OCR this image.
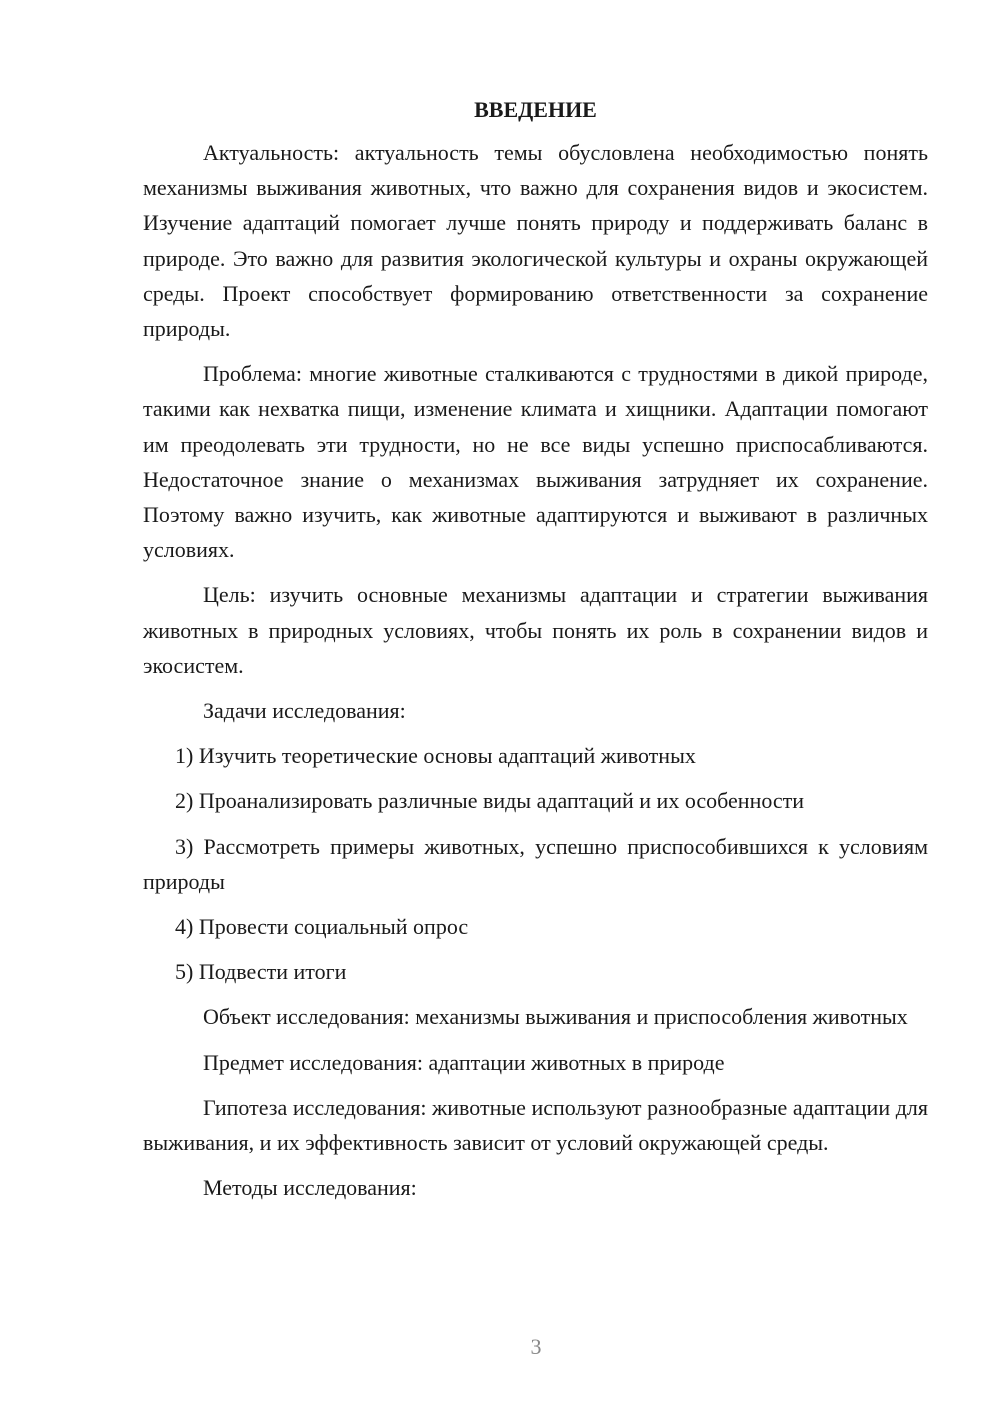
ВВЕДЕНИЕ

Актуальность: актуальность темы обусловлена необходимостью понять механизмы выживания животных, что важно для сохранения видов и экосистем. Изучение адаптаций помогает лучше понять природу и поддерживать баланс в природе. Это важно для развития экологической культуры и охраны окружающей среды. Проект способствует формированию ответственности за сохранение природы.

Проблема: многие животные сталкиваются с трудностями в дикой природе, такими как нехватка пищи, изменение климата и хищники. Адаптации помогают им преодолевать эти трудности, но не все виды успешно приспосабливаются. Недостаточное знание о механизмах выживания затрудняет их сохранение. Поэтому важно изучить, как животные адаптируются и выживают в различных условиях.

Цель: изучить основные механизмы адаптации и стратегии выживания животных в природных условиях, чтобы понять их роль в сохранении видов и экосистем.

Задачи исследования:

1) Изучить теоретические основы адаптаций животных

2) Проанализировать различные виды адаптаций и их особенности

3) Рассмотреть примеры животных, успешно приспособившихся к условиям природы

4) Провести социальный опрос

5) Подвести итоги

Объект исследования: механизмы выживания и приспособления животных

Предмет исследования: адаптации животных в природе

Гипотеза исследования: животные используют разнообразные адаптации для выживания, и их эффективность зависит от условий окружающей среды.

Методы исследования:

3
